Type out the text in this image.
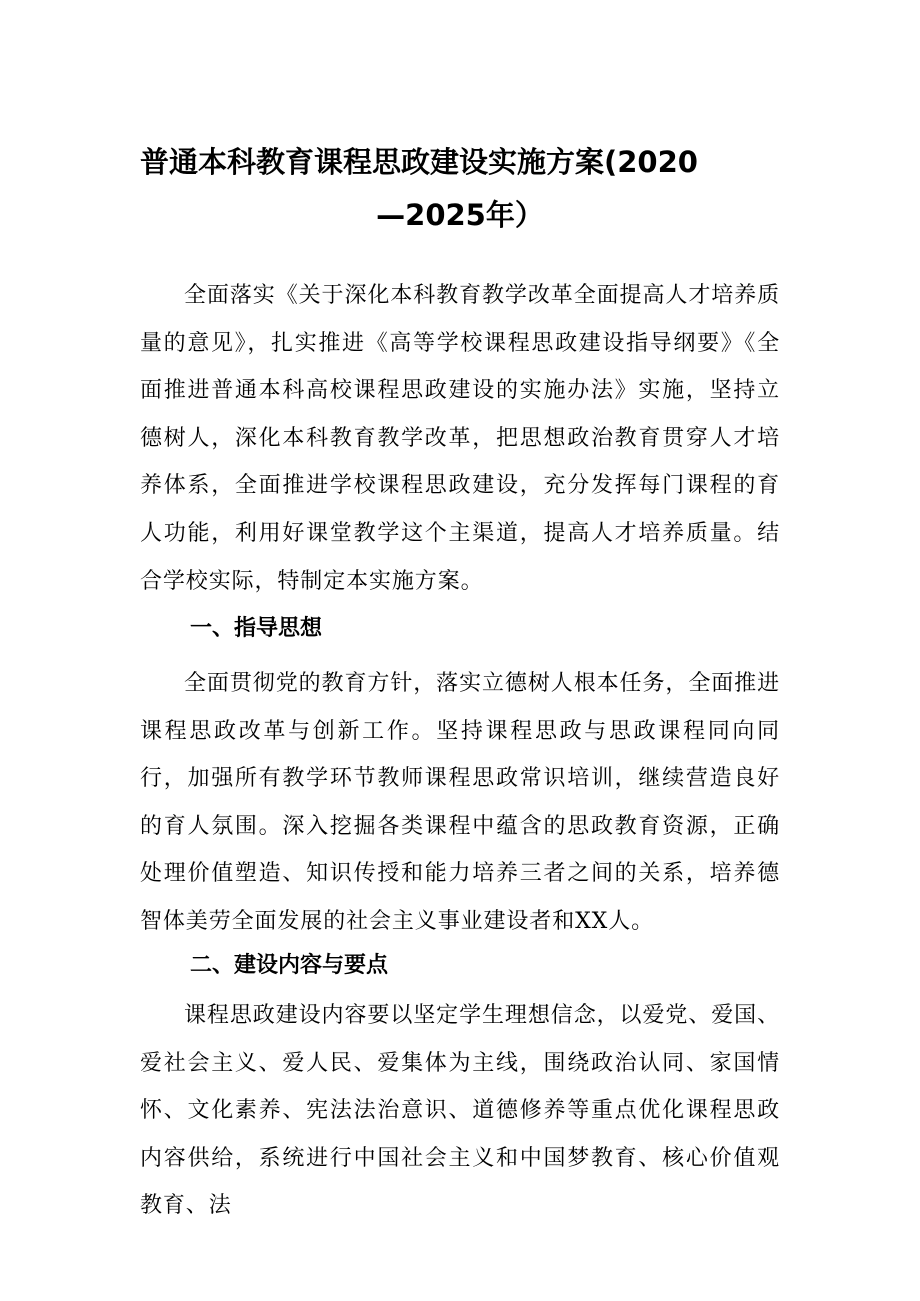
普通本科教育课程思政建设实施方案(2020
—2025年）

全面落实《关于深化本科教育教学改革全面提高人才培养质量的意见》，扎实推进《高等学校课程思政建设指导纲要》《全面推进普通本科高校课程思政建设的实施办法》实施，坚持立德树人，深化本科教育教学改革，把思想政治教育贯穿人才培养体系，全面推进学校课程思政建设，充分发挥每门课程的育人功能，利用好课堂教学这个主渠道，提高人才培养质量。结合学校实际，特制定本实施方案。

一、指导思想

全面贯彻党的教育方针，落实立德树人根本任务，全面推进课程思政改革与创新工作。坚持课程思政与思政课程同向同行，加强所有教学环节教师课程思政常识培训，继续营造良好的育人氛围。深入挖掘各类课程中蕴含的思政教育资源，正确处理价值塑造、知识传授和能力培养三者之间的关系，培养德智体美劳全面发展的社会主义事业建设者和XX人。

二、建设内容与要点

课程思政建设内容要以坚定学生理想信念，以爱党、爱国、爱社会主义、爱人民、爱集体为主线，围绕政治认同、家国情怀、文化素养、宪法法治意识、道德修养等重点优化课程思政内容供给，系统进行中国社会主义和中国梦教育、核心价值观教育、法
